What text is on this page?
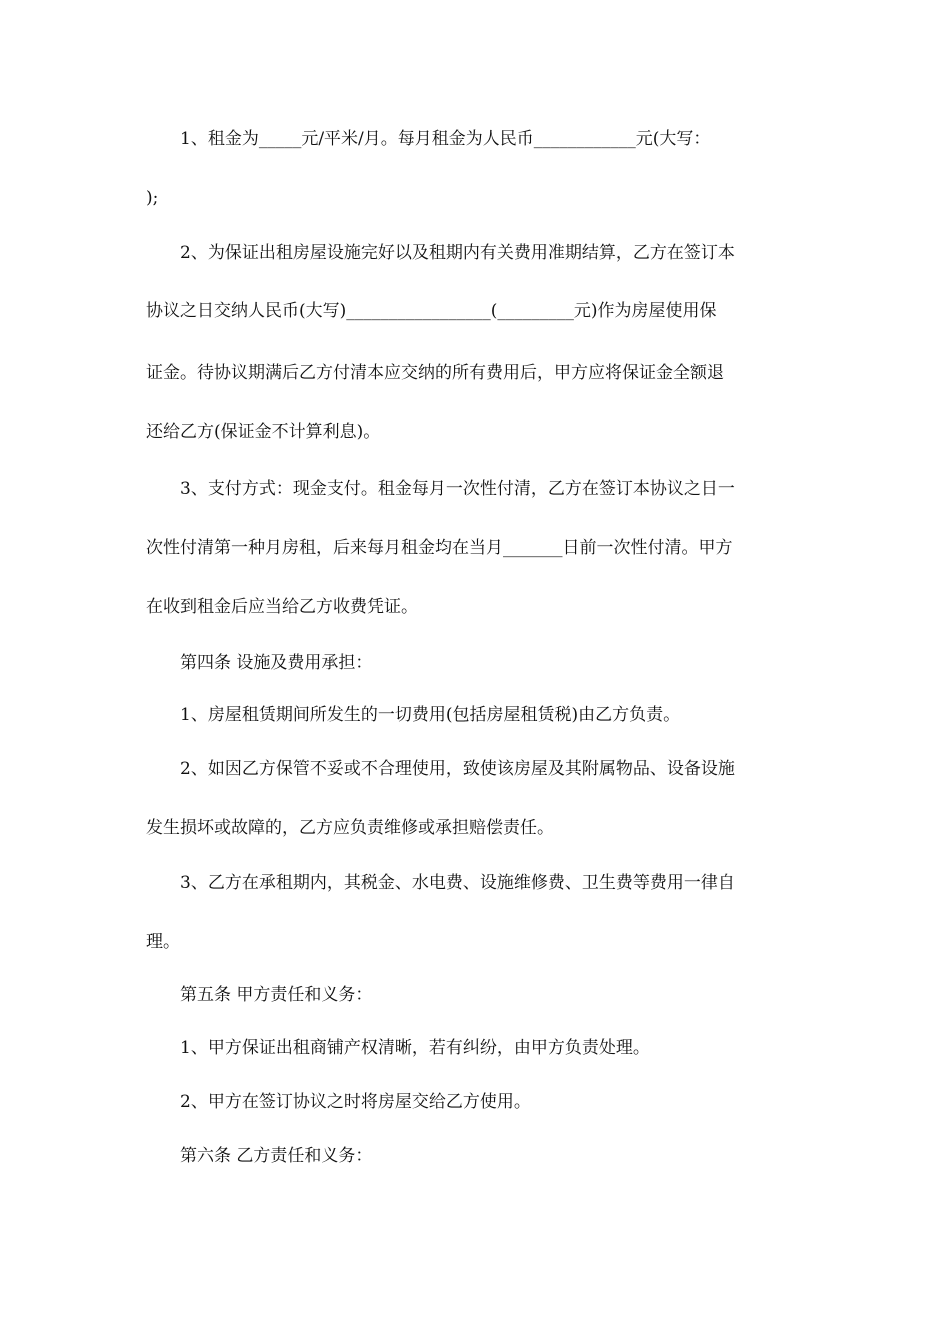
1、租金为_____元/平米/月。每月租金为人民币____________元(大写：
);
2、为保证出租房屋设施完好以及租期内有关费用准期结算，乙方在签订本
协议之日交纳人民币(大写)_________________(_________元)作为房屋使用保
证金。待协议期满后乙方付清本应交纳的所有费用后，甲方应将保证金全额退
还给乙方(保证金不计算利息)。
3、支付方式：现金支付。租金每月一次性付清，乙方在签订本协议之日一
次性付清第一种月房租，后来每月租金均在当月_______日前一次性付清。甲方
在收到租金后应当给乙方收费凭证。
第四条 设施及费用承担：
1、房屋租赁期间所发生的一切费用(包括房屋租赁税)由乙方负责。
2、如因乙方保管不妥或不合理使用，致使该房屋及其附属物品、设备设施
发生损坏或故障的，乙方应负责维修或承担赔偿责任。
3、乙方在承租期内，其税金、水电费、设施维修费、卫生费等费用一律自
理。
第五条 甲方责任和义务：
1、甲方保证出租商铺产权清晰，若有纠纷，由甲方负责处理。
2、甲方在签订协议之时将房屋交给乙方使用。
第六条 乙方责任和义务：
